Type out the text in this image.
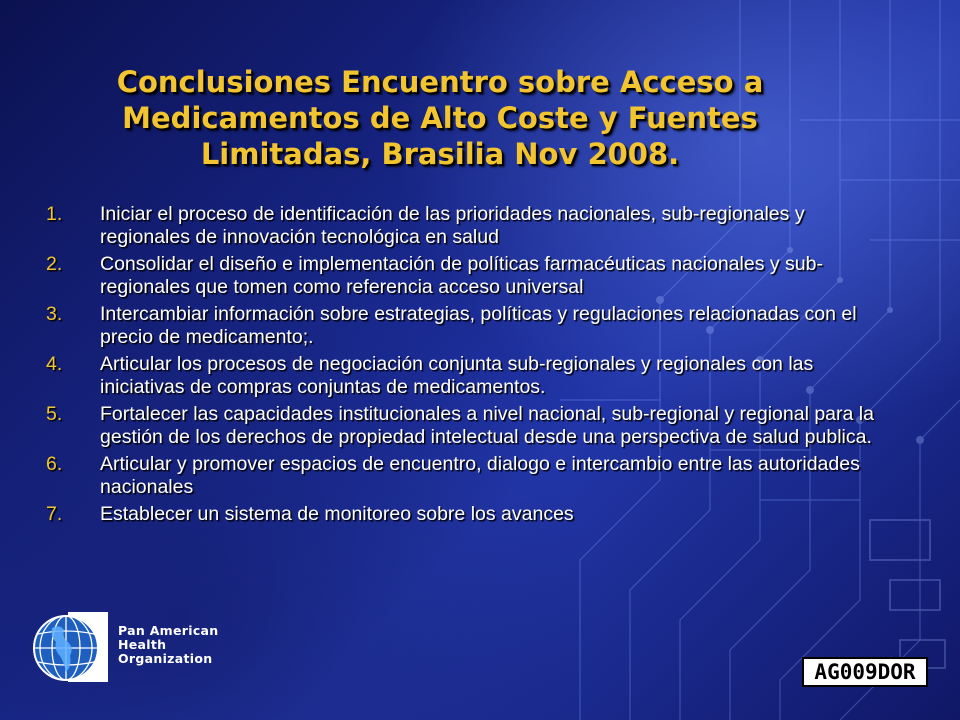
Conclusiones Encuentro sobre Acceso a Medicamentos de Alto Coste y Fuentes Limitadas, Brasilia Nov 2008.
1.	Iniciar el proceso de identificación de las prioridades nacionales, sub-regionales y regionales de innovación tecnológica en salud
2.	Consolidar el diseño e implementación de políticas farmacéuticas nacionales y sub-regionales que tomen como referencia acceso universal
3.	Intercambiar información sobre estrategias, políticas y regulaciones relacionadas con el precio de medicamento;.
4.	Articular los procesos de negociación conjunta sub-regionales y regionales con las iniciativas de compras conjuntas de medicamentos.
5.	Fortalecer las capacidades institucionales a nivel nacional, sub-regional y regional para la gestión de los derechos de propiedad intelectual desde una perspectiva de salud publica.
6.	Articular y promover espacios de encuentro, dialogo e intercambio entre las autoridades nacionales
7.	Establecer un sistema de monitoreo sobre los avances
Pan American
Health
Organization
AG009DOR
